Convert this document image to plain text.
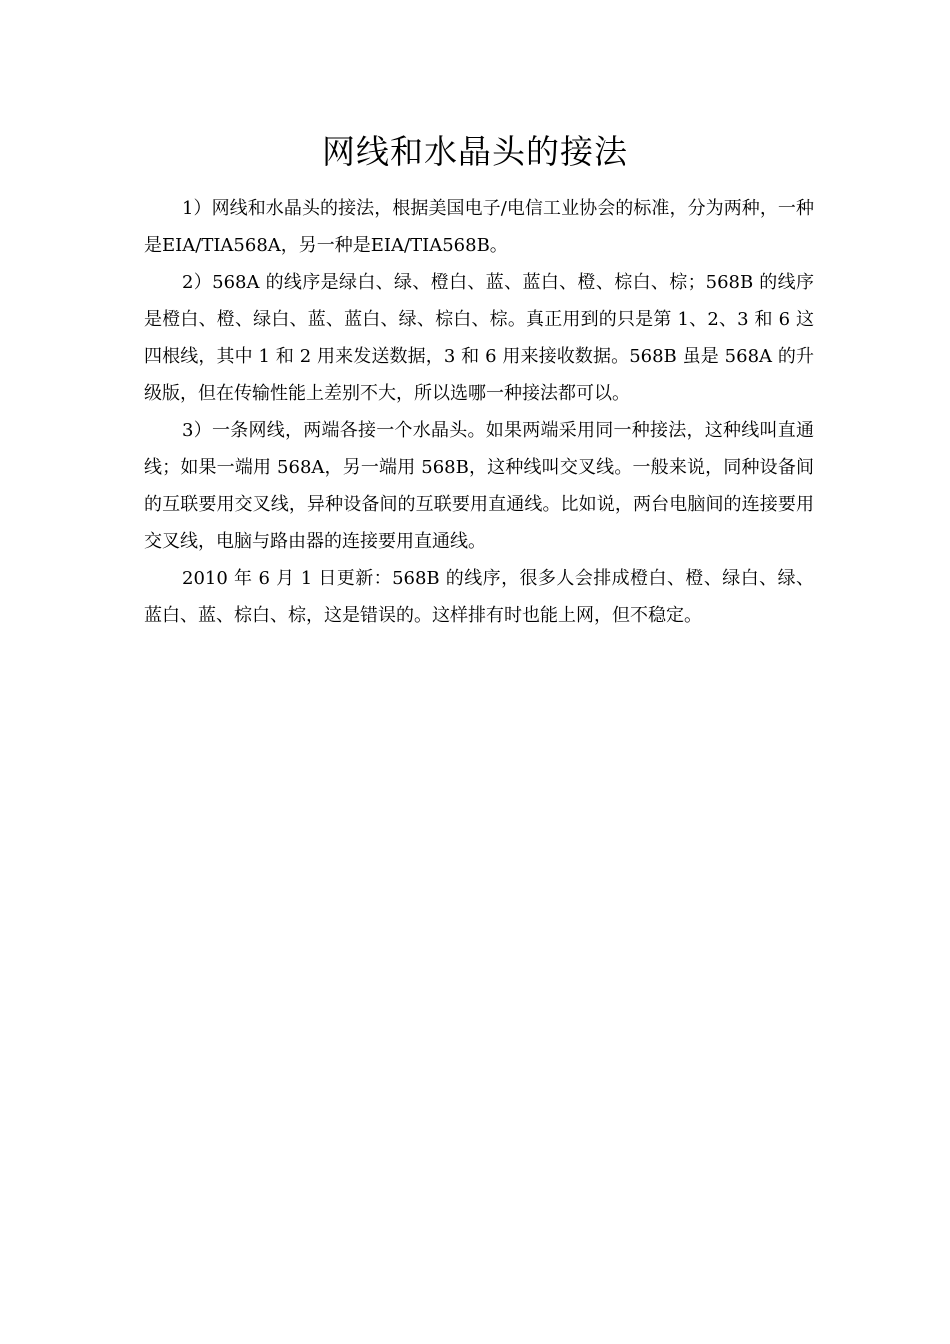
网线和水晶头的接法

1）网线和水晶头的接法，根据美国电子/电信工业协会的标准，分为两种，一种是EIA/TIA568A，另一种是EIA/TIA568B。

2）568A 的线序是绿白、绿、橙白、蓝、蓝白、橙、棕白、棕；568B 的线序是橙白、橙、绿白、蓝、蓝白、绿、棕白、棕。真正用到的只是第 1、2、3 和 6 这四根线，其中 1 和 2 用来发送数据，3 和 6 用来接收数据。568B 虽是 568A 的升级版，但在传输性能上差别不大，所以选哪一种接法都可以。

3）一条网线，两端各接一个水晶头。如果两端采用同一种接法，这种线叫直通线；如果一端用 568A，另一端用 568B，这种线叫交叉线。一般来说，同种设备间的互联要用交叉线，异种设备间的互联要用直通线。比如说，两台电脑间的连接要用交叉线，电脑与路由器的连接要用直通线。

2010 年 6 月 1 日更新：568B 的线序，很多人会排成橙白、橙、绿白、绿、蓝白、蓝、棕白、棕，这是错误的。这样排有时也能上网，但不稳定。
